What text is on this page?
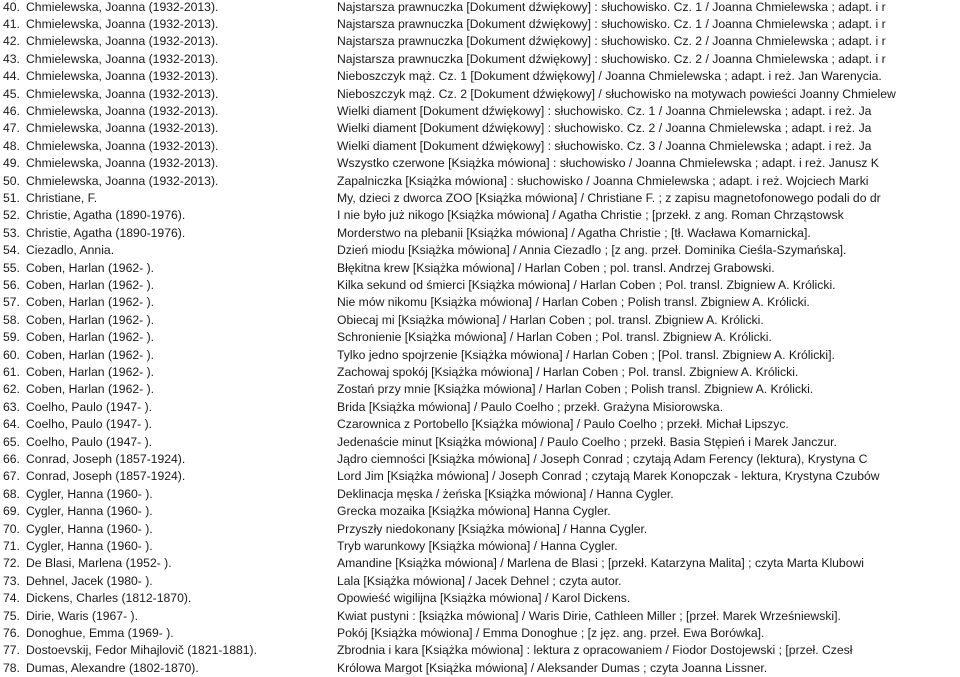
40. Chmielewska, Joanna (1932-2013).	Najstarsza prawnuczka [Dokument dźwiękowy] : słuchowisko. Cz. 1 / Joanna Chmielewska ; adapt. i r
41. Chmielewska, Joanna (1932-2013).	Najstarsza prawnuczka [Dokument dźwiękowy] : słuchowisko. Cz. 1 / Joanna Chmielewska ; adapt. i r
42. Chmielewska, Joanna (1932-2013).	Najstarsza prawnuczka [Dokument dźwiękowy] : słuchowisko. Cz. 2 / Joanna Chmielewska ; adapt. i r
43. Chmielewska, Joanna (1932-2013).	Najstarsza prawnuczka [Dokument dźwiękowy] : słuchowisko. Cz. 2 / Joanna Chmielewska ; adapt. i r
44. Chmielewska, Joanna (1932-2013).	Nieboszczyk mąż. Cz. 1 [Dokument dźwiękowy] / Joanna Chmielewska ; adapt. i reż. Jan Warenycia.
45. Chmielewska, Joanna (1932-2013).	Nieboszczyk mąż. Cz. 2 [Dokument dźwiękowy] / słuchowisko na motywach powieści Joanny Chmielew
46. Chmielewska, Joanna (1932-2013).	Wielki diament [Dokument dźwiękowy] : słuchowisko. Cz. 1 / Joanna Chmielewska ; adapt. i reż. Ja
47. Chmielewska, Joanna (1932-2013).	Wielki diament [Dokument dźwiękowy] : słuchowisko. Cz. 2 / Joanna Chmielewska ; adapt. i reż. Ja
48. Chmielewska, Joanna (1932-2013).	Wielki diament [Dokument dźwiękowy] : słuchowisko. Cz. 3 / Joanna Chmielewska ; adapt. i reż. Ja
49. Chmielewska, Joanna (1932-2013).	Wszystko czerwone [Książka mówiona] : słuchowisko / Joanna Chmielewska ; adapt. i reż. Janusz K
50. Chmielewska, Joanna (1932-2013).	Zapalniczka [Książka mówiona] : słuchowisko / Joanna Chmielewska ; adapt. i reż. Wojciech Marki
51. Christiane, F.	My, dzieci z dworca ZOO [Książka mówiona] / Christiane F. ; z zapisu magnetofonowego podali do dr
52. Christie, Agatha (1890-1976).	I nie było już nikogo [Książka mówiona] / Agatha Christie ; [przekł. z ang. Roman Chrząstowsk
53. Christie, Agatha (1890-1976).	Morderstwo na plebanii [Książka mówiona] / Agatha Christie ; [tł. Wacława Komarnicka].
54. Ciezadlo, Annia.	Dzień miodu [Książka mówiona] / Annia Ciezadlo ; [z ang. przeł. Dominika Cieśla-Szymańska].
55. Coben, Harlan (1962- ).	Błękitna krew [Książka mówiona] / Harlan Coben ; pol. transl. Andrzej Grabowski.
56. Coben, Harlan (1962- ).	Kilka sekund od śmierci [Książka mówiona] / Harlan Coben ; Pol. transl. Zbigniew A. Królicki.
57. Coben, Harlan (1962- ).	Nie mów nikomu [Książka mówiona] / Harlan Coben ; Polish transl. Zbigniew A. Królicki.
58. Coben, Harlan (1962- ).	Obiecaj mi [Książka mówiona] / Harlan Coben ; pol. transl. Zbigniew A. Królicki.
59. Coben, Harlan (1962- ).	Schronienie [Książka mówiona] / Harlan Coben ; Pol. transl. Zbigniew A. Królicki.
60. Coben, Harlan (1962- ).	Tylko jedno spojrzenie [Książka mówiona] / Harlan Coben ; [Pol. transl. Zbigniew A. Królicki].
61. Coben, Harlan (1962- ).	Zachowaj spokój [Książka mówiona] / Harlan Coben ; Pol. transl. Zbigniew A. Królicki.
62. Coben, Harlan (1962- ).	Zostań przy mnie [Książka mówiona] / Harlan Coben ; Polish transl. Zbigniew A. Królicki.
63. Coelho, Paulo (1947- ).	Brida [Książka mówiona] / Paulo Coelho ; przekł. Grażyna Misiorowska.
64. Coelho, Paulo (1947- ).	Czarownica z Portobello [Książka mówiona] / Paulo Coelho ; przekł. Michał Lipszyc.
65. Coelho, Paulo (1947- ).	Jedenaście minut [Książka mówiona] / Paulo Coelho ; przekł. Basia Stępień i Marek Janczur.
66. Conrad, Joseph (1857-1924).	Jądro ciemności [Książka mówiona] / Joseph Conrad ; czytają Adam Ferency (lektura), Krystyna C
67. Conrad, Joseph (1857-1924).	Lord Jim [Książka mówiona] / Joseph Conrad ; czytają Marek Konopczak - lektura, Krystyna Czubów
68. Cygler, Hanna (1960- ).	Deklinacja męska / żeńska [Książka mówiona] / Hanna Cygler.
69. Cygler, Hanna (1960- ).	Grecka mozaika [Książka mówiona] Hanna Cygler.
70. Cygler, Hanna (1960- ).	Przyszły niedokonany [Książka mówiona] / Hanna Cygler.
71. Cygler, Hanna (1960- ).	Tryb warunkowy [Książka mówiona] / Hanna Cygler.
72. De Blasi, Marlena (1952- ).	Amandine [Książka mówiona] / Marlena de Blasi ; [przekł. Katarzyna Malita] ; czyta Marta Klubowi
73. Dehnel, Jacek (1980- ).	Lala [Książka mówiona] / Jacek Dehnel ; czyta autor.
74. Dickens, Charles (1812-1870).	Opowieść wigilijna [Książka mówiona] / Karol Dickens.
75. Dirie, Waris (1967- ).	Kwiat pustyni : [książka mówiona] / Waris Dirie, Cathleen Miller ; [przeł. Marek Wrześniewski].
76. Donoghue, Emma (1969- ).	Pokój [Książka mówiona] / Emma Donoghue ; [z jęz. ang. przeł. Ewa Borówka].
77. Dostoevskij, Fedor Mihajlovič (1821-1881).	Zbrodnia i kara [Książka mówiona] : lektura z opracowaniem / Fiodor Dostojewski ; [przeł. Czesł
78. Dumas, Alexandre (1802-1870).	Królowa Margot [Książka mówiona] / Aleksander Dumas ; czyta Joanna Lissner.
